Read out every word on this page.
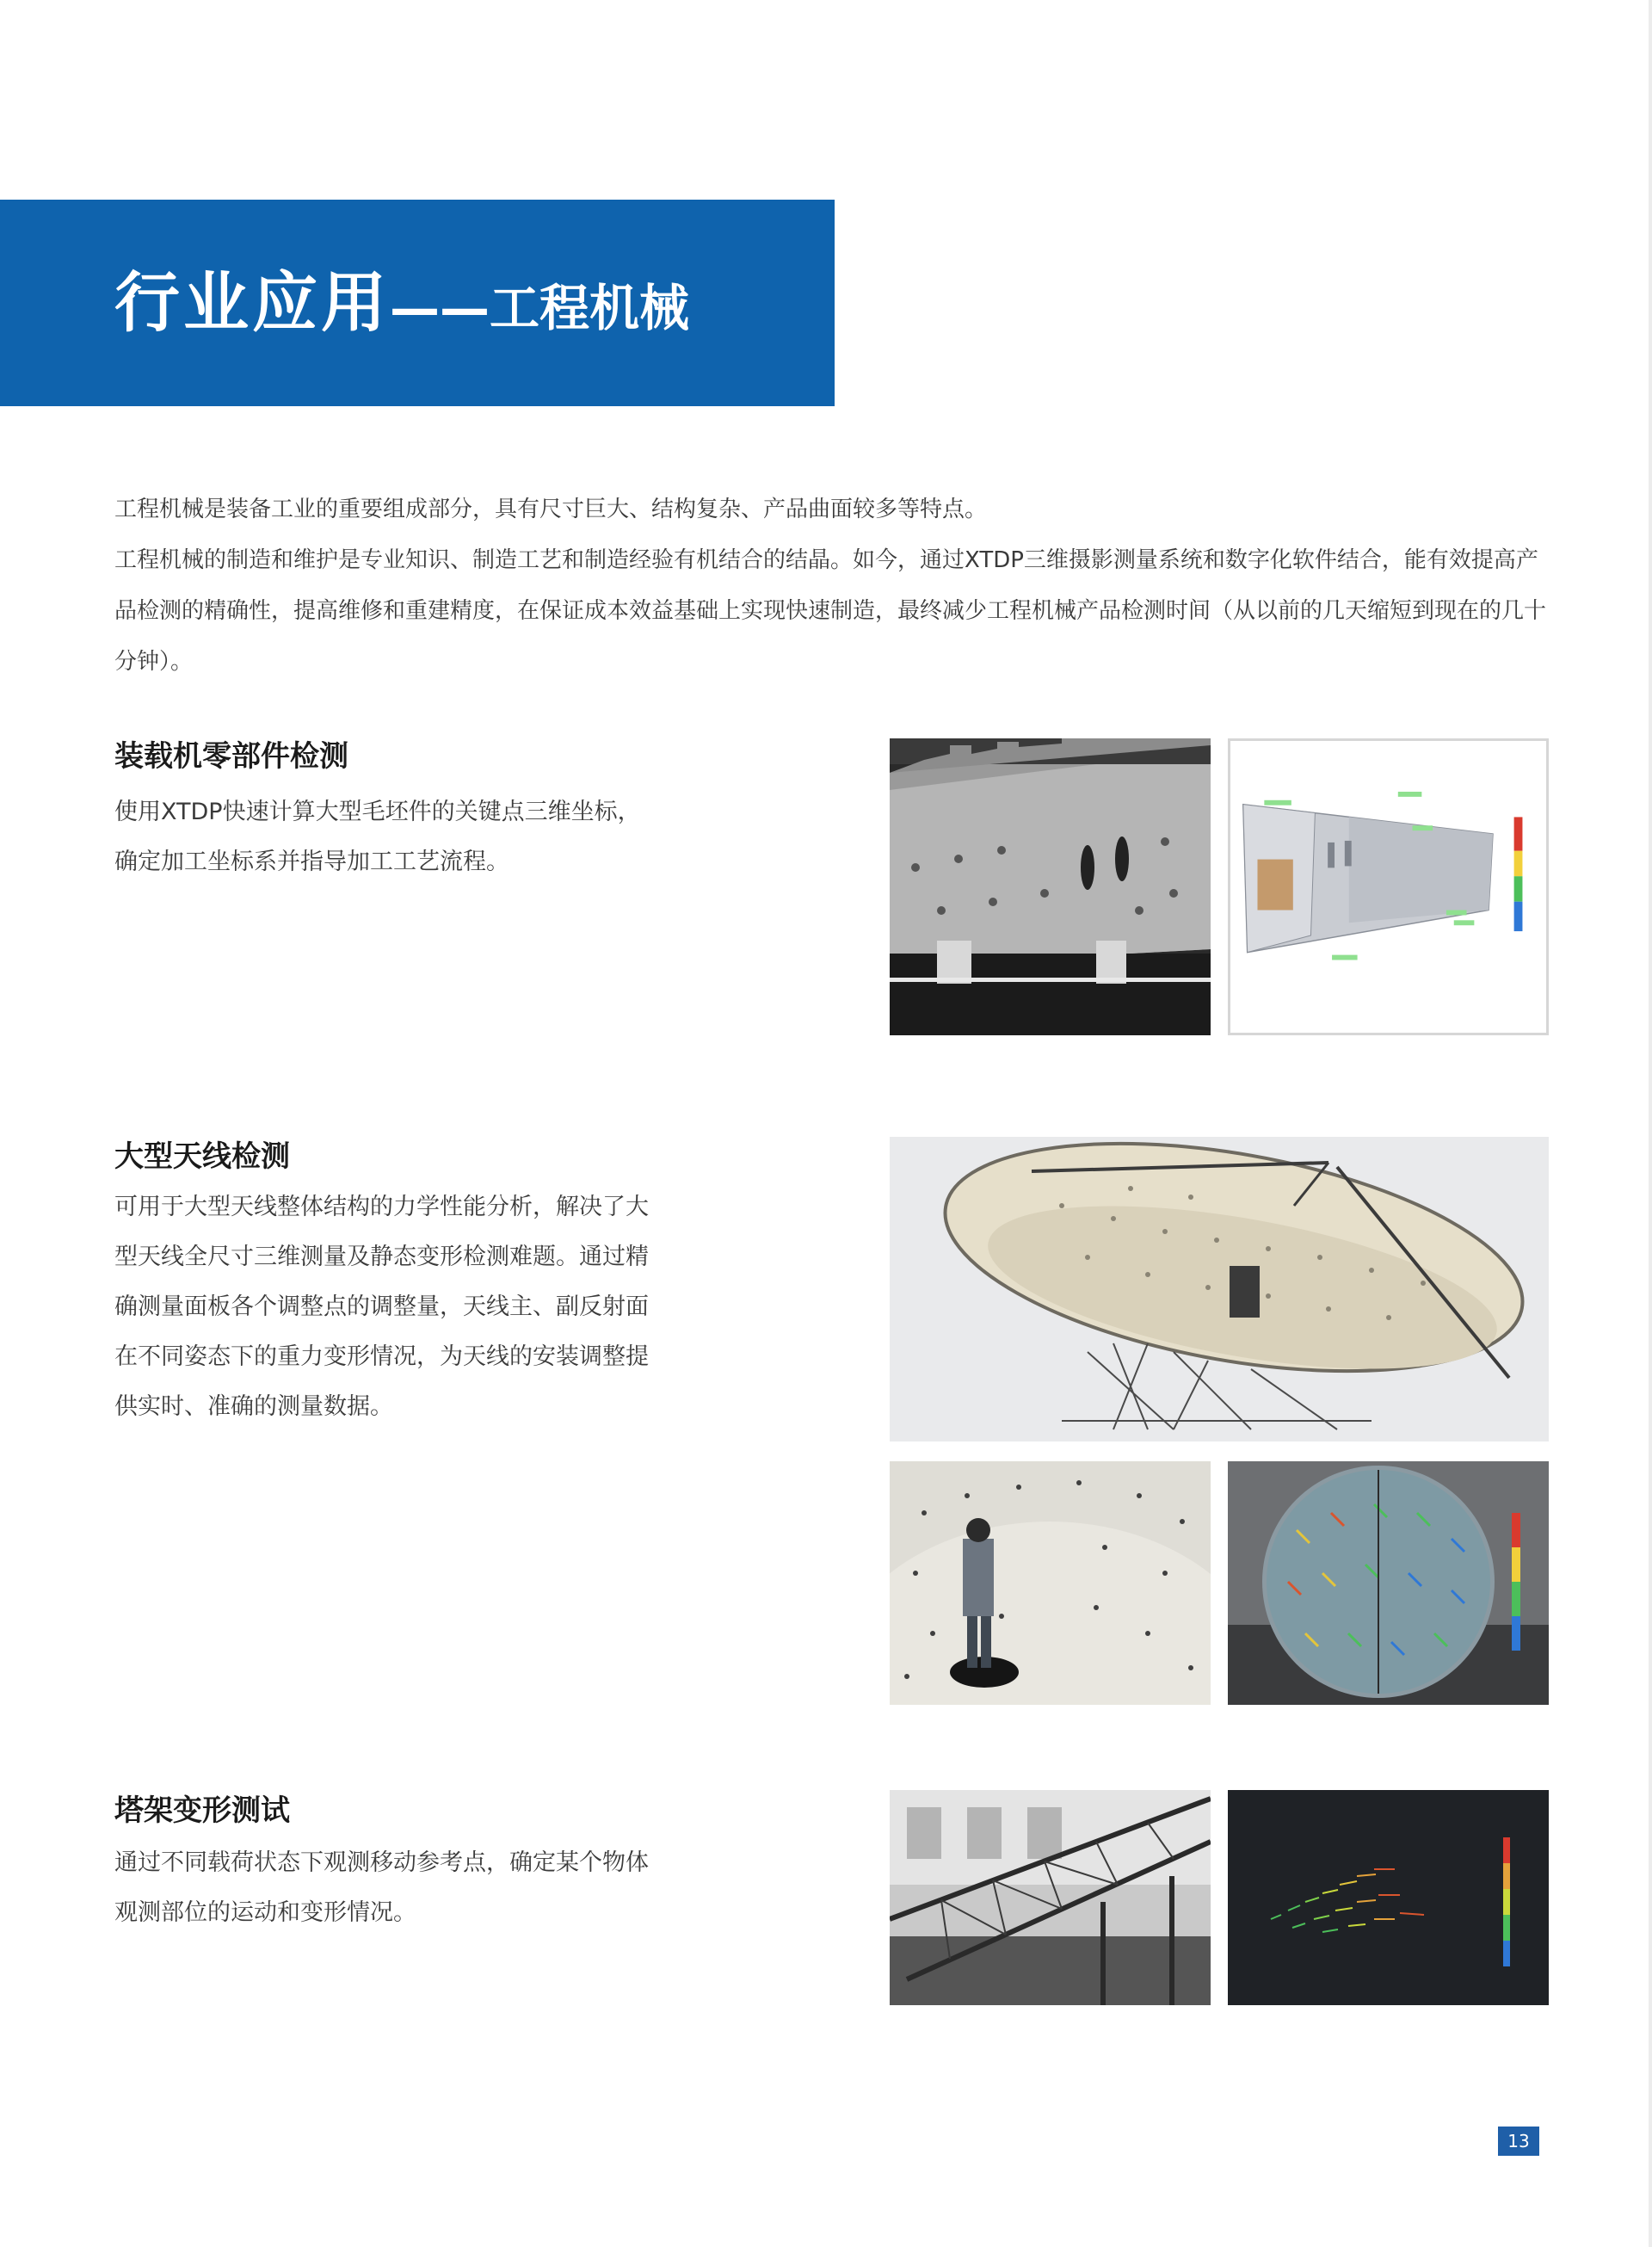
行业应用——工程机械

工程机械是装备工业的重要组成部分，具有尺寸巨大、结构复杂、产品曲面较多等特点。

工程机械的制造和维护是专业知识、制造工艺和制造经验有机结合的结晶。如今，通过XTDP三维摄影测量系统和数字化软件结合，能有效提高产品检测的精确性，提高维修和重建精度，在保证成本效益基础上实现快速制造，最终减少工程机械产品检测时间（从以前的几天缩短到现在的几十分钟）。

装载机零部件检测
使用XTDP快速计算大型毛坯件的关键点三维坐标，确定加工坐标系并指导加工工艺流程。
大型天线检测
可用于大型天线整体结构的力学性能分析，解决了大型天线全尺寸三维测量及静态变形检测难题。通过精确测量面板各个调整点的调整量，天线主、副反射面在不同姿态下的重力变形情况，为天线的安装调整提供实时、准确的测量数据。
塔架变形测试
通过不同载荷状态下观测移动参考点，确定某个物体观测部位的运动和变形情况。
13
